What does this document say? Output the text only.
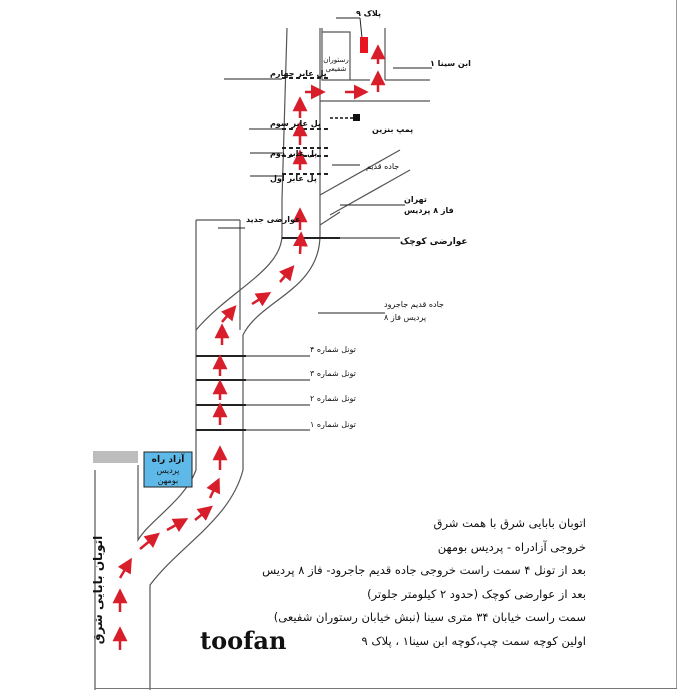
اتوبان بابایی شرق
آزاد راه
پردیس
بومهن
تونل شماره ۴
تونل شماره ۳
تونل شماره ۲
تونل شماره ۱
جاده قدیم جاجرود
پردیس فاز ۸
تهران
فاز ۸ پردیس
عوارضی کوچک
عوارضی جدید
پل عابر اول
جاده قدیم
پل عابر دوم
پل عابر سوم
پمپ بنزین
پل عابر چهارم
رستوران
شفیعی
پلاک ۹
ابن سینا ۱
اتوبان بابایی شرق با همت شرق
خروجی آزادراه - پردیس بومهن
بعد از تونل ۴ سمت راست خروجی جاده قدیم جاجرود- فاز ۸ پردیس
بعد از عوارضی کوچک (حدود ۲ کیلومتر جلوتر)
سمت راست خیابان ۳۴ متری سینا (نبش خیابان رستوران شفیعی)
اولین کوچه سمت چپ،کوچه ابن سینا۱ ، پلاک ۹
toofan
